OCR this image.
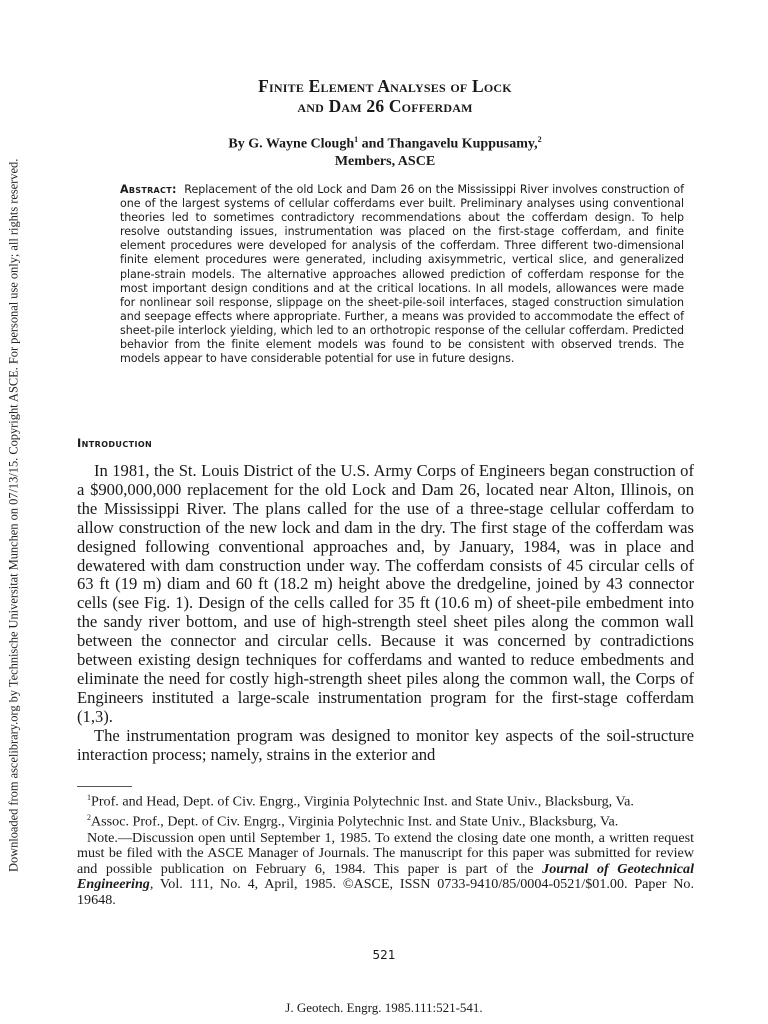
Downloaded from ascelibrary.org by Technische Universitat Munchen on 07/13/15. Copyright ASCE. For personal use only; all rights reserved.
Finite Element Analyses of Lock
and Dam 26 Cofferdam
By G. Wayne Clough$^1$ and Thangavelu Kuppusamy,$^2$
Members, ASCE
Abstract: Replacement of the old Lock and Dam 26 on the Mississippi River involves construction of one of the largest systems of cellular cofferdams ever built. Preliminary analyses using conventional theories led to sometimes contradictory recommendations about the cofferdam design. To help resolve outstanding issues, instrumentation was placed on the first-stage cofferdam, and finite element procedures were developed for analysis of the cofferdam. Three different two-dimensional finite element procedures were generated, including axisymmetric, vertical slice, and generalized plane-strain models. The alternative approaches allowed prediction of cofferdam response for the most important design conditions and at the critical locations. In all models, allowances were made for nonlinear soil response, slippage on the sheet-pile-soil interfaces, staged construction simulation and seepage effects where appropriate. Further, a means was provided to accommodate the effect of sheet-pile interlock yielding, which led to an orthotropic response of the cellular cofferdam. Predicted behavior from the finite element models was found to be consistent with observed trends. The models appear to have considerable potential for use in future designs.
Introduction

In 1981, the St. Louis District of the U.S. Army Corps of Engineers began construction of a $900,000,000 replacement for the old Lock and Dam 26, located near Alton, Illinois, on the Mississippi River. The plans called for the use of a three-stage cellular cofferdam to allow construction of the new lock and dam in the dry. The first stage of the cofferdam was designed following conventional approaches and, by January, 1984, was in place and dewatered with dam construction under way. The cofferdam consists of 45 circular cells of 63 ft (19 m) diam and 60 ft (18.2 m) height above the dredgeline, joined by 43 connector cells (see Fig. 1). Design of the cells called for 35 ft (10.6 m) of sheet-pile embedment into the sandy river bottom, and use of high-strength steel sheet piles along the common wall between the connector and circular cells. Because it was concerned by contradictions between existing design techniques for cofferdams and wanted to reduce embedments and eliminate the need for costly high-strength sheet piles along the common wall, the Corps of Engineers instituted a large-scale instrumentation program for the first-stage cofferdam (1,3).

The instrumentation program was designed to monitor key aspects of the soil-structure interaction process; namely, strains in the exterior and

$^1$Prof. and Head, Dept. of Civ. Engrg., Virginia Polytechnic Inst. and State Univ., Blacksburg, Va.

$^2$Assoc. Prof., Dept. of Civ. Engrg., Virginia Polytechnic Inst. and State Univ., Blacksburg, Va.

Note.—Discussion open until September 1, 1985. To extend the closing date one month, a written request must be filed with the ASCE Manager of Journals. The manuscript for this paper was submitted for review and possible publication on February 6, 1984. This paper is part of the Journal of Geotechnical Engineering, Vol. 111, No. 4, April, 1985. ©ASCE, ISSN 0733-9410/85/0004-0521/$01.00. Paper No. 19648.

521
J. Geotech. Engrg. 1985.111:521-541.
